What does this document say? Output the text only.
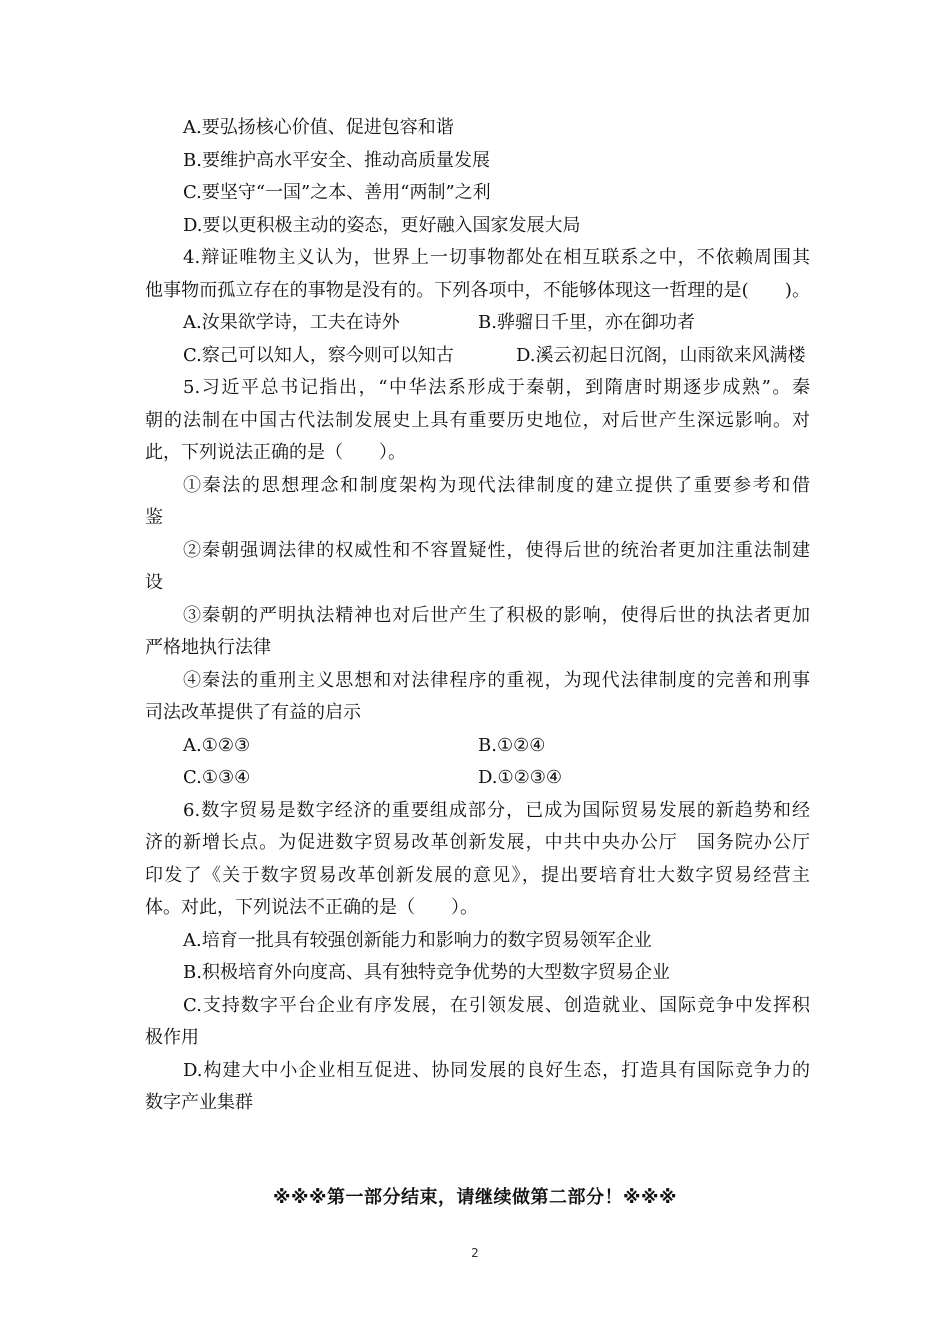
A.要弘扬核心价值、促进包容和谐
B.要维护高水平安全、推动高质量发展
C.要坚守“一国”之本、善用“两制”之利
D.要以更积极主动的姿态，更好融入国家发展大局
4.辩证唯物主义认为，世界上一切事物都处在相互联系之中，不依赖周围其
他事物而孤立存在的事物是没有的。下列各项中，不能够体现这一哲理的是(　　)。
A.汝果欲学诗，工夫在诗外	B.骅骝日千里，亦在御功者
C.察己可以知人，察今则可以知古	D.溪云初起日沉阁，山雨欲来风满楼
5.习近平总书记指出，“中华法系形成于秦朝，到隋唐时期逐步成熟”。秦
朝的法制在中国古代法制发展史上具有重要历史地位，对后世产生深远影响。对
此，下列说法正确的是（　　）。
①秦法的思想理念和制度架构为现代法律制度的建立提供了重要参考和借
鉴
②秦朝强调法律的权威性和不容置疑性，使得后世的统治者更加注重法制建
设
③秦朝的严明执法精神也对后世产生了积极的影响，使得后世的执法者更加
严格地执行法律
④秦法的重刑主义思想和对法律程序的重视，为现代法律制度的完善和刑事
司法改革提供了有益的启示
A.①②③	B.①②④
C.①③④	D.①②③④
6.数字贸易是数字经济的重要组成部分，已成为国际贸易发展的新趋势和经
济的新增长点。为促进数字贸易改革创新发展，中共中央办公厅　国务院办公厅
印发了《关于数字贸易改革创新发展的意见》，提出要培育壮大数字贸易经营主
体。对此，下列说法不正确的是（　　）。
A.培育一批具有较强创新能力和影响力的数字贸易领军企业
B.积极培育外向度高、具有独特竞争优势的大型数字贸易企业
C.支持数字平台企业有序发展，在引领发展、创造就业、国际竞争中发挥积
极作用
D.构建大中小企业相互促进、协同发展的良好生态，打造具有国际竞争力的
数字产业集群
※※※第一部分结束，请继续做第二部分！※※※
2
